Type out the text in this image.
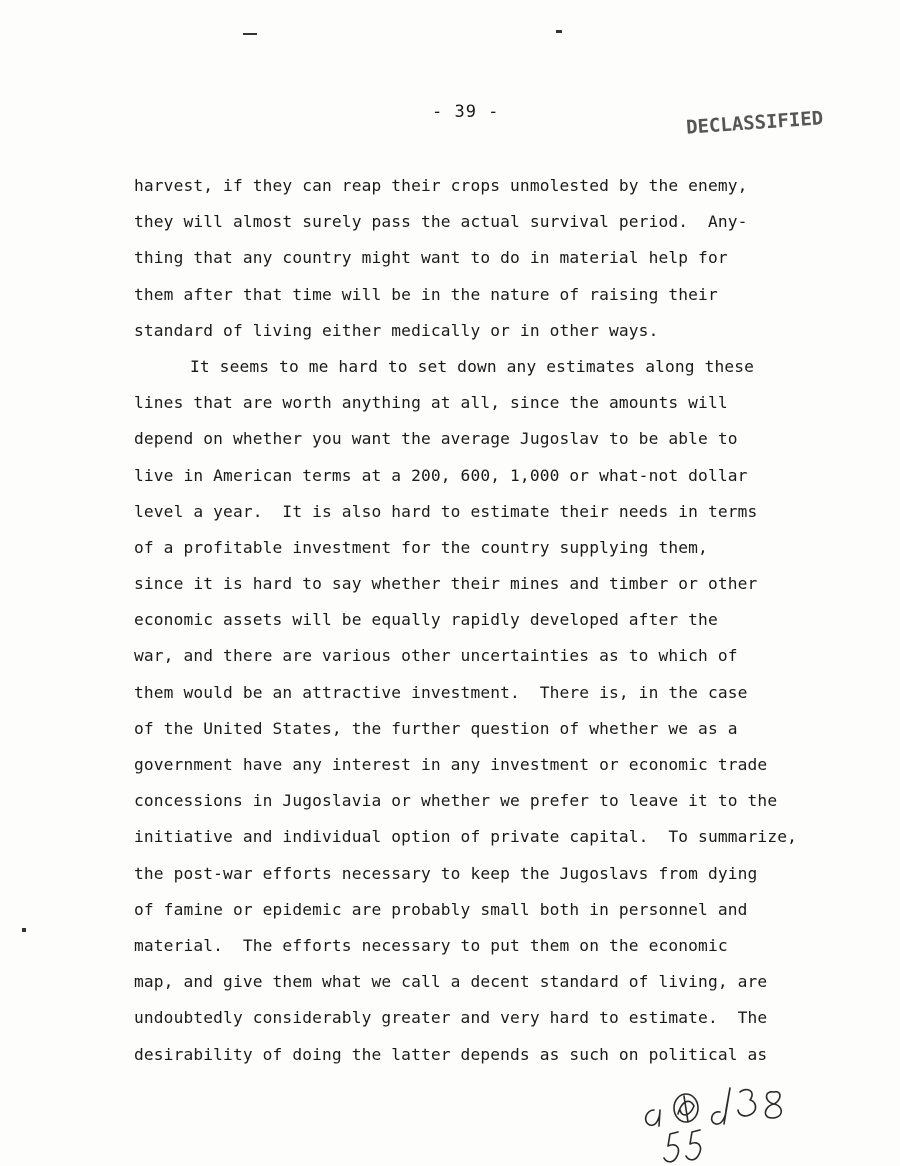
- 39 -	DECLASSIFIED
harvest, if they can reap their crops unmolested by the enemy,
they will almost surely pass the actual survival period.  Any-
thing that any country might want to do in material help for
them after that time will be in the nature of raising their
standard of living either medically or in other ways.
It seems to me hard to set down any estimates along these
lines that are worth anything at all, since the amounts will
depend on whether you want the average Jugoslav to be able to
live in American terms at a 200, 600, 1,000 or what-not dollar
level a year.  It is also hard to estimate their needs in terms
of a profitable investment for the country supplying them,
since it is hard to say whether their mines and timber or other
economic assets will be equally rapidly developed after the
war, and there are various other uncertainties as to which of
them would be an attractive investment.  There is, in the case
of the United States, the further question of whether we as a
government have any interest in any investment or economic trade
concessions in Jugoslavia or whether we prefer to leave it to the
initiative and individual option of private capital.  To summarize,
the post-war efforts necessary to keep the Jugoslavs from dying
of famine or epidemic are probably small both in personnel and
material.  The efforts necessary to put them on the economic
map, and give them what we call a decent standard of living, are
undoubtedly considerably greater and very hard to estimate.  The
desirability of doing the latter depends as such on political as
